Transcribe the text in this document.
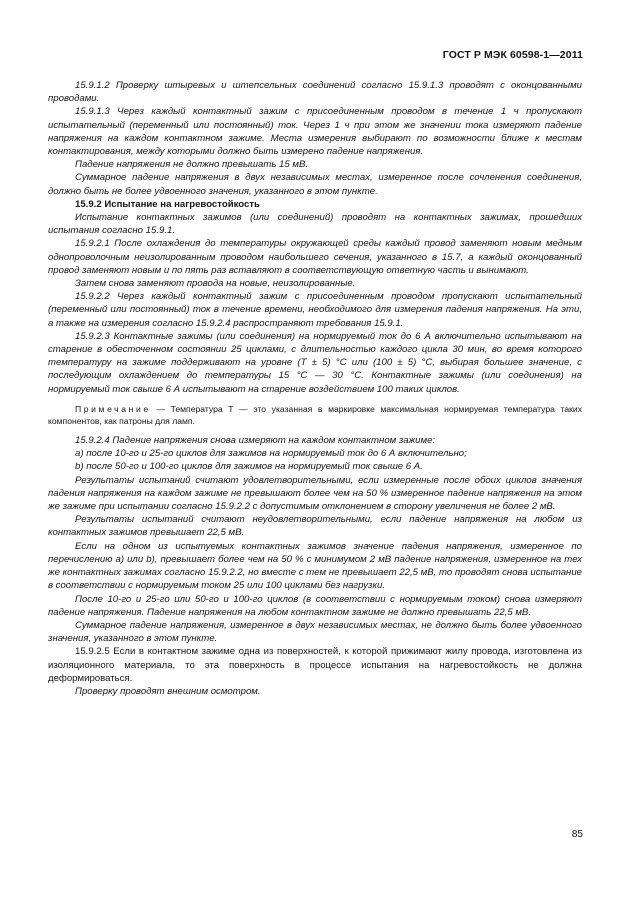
ГОСТ Р МЭК 60598-1—2011

15.9.1.2 Проверку штыревых и штепсельных соединений согласно 15.9.1.3 проводят с оконцованными проводами.

15.9.1.3 Через каждый контактный зажим с присоединенным проводом в течение 1 ч пропускают испытательный (переменный или постоянный) ток. Через 1 ч при этом же значении тока измеряют падение напряжения на каждом контактном зажиме. Места измерения выбирают по возможности ближе к местам контактирования, между которыми должно быть измерено падение напряжения.

Падение напряжения не должно превышать 15 мВ.

Суммарное падение напряжения в двух независимых местах, измеренное после сочленения соединения, должно быть не более удвоенного значения, указанного в этом пункте.

15.9.2 Испытание на нагревостойкость

Испытание контактных зажимов (или соединений) проводят на контактных зажимах, прошедших испытания согласно 15.9.1.

15.9.2.1 После охлаждения до температуры окружающей среды каждый провод заменяют новым медным однопроволочным неизолированным проводом наибольшего сечения, указанного в 15.7, а каждый оконцованный провод заменяют новым и по пять раз вставляют в соответствующую ответную часть и вынимают.

Затем снова заменяют провода на новые, неизолированные.

15.9.2.2 Через каждый контактный зажим с присоединенным проводом пропускают испытательный (переменный или постоянный) ток в течение времени, необходимого для измерения падения напряжения. На эти, а также на измерения согласно 15.9.2.4 распространяют требования 15.9.1.

15.9.2.3 Контактные зажимы (или соединения) на нормируемый ток до 6 А включительно испытывают на старение в обесточенном состоянии 25 циклами, с длительностью каждого цикла 30 мин, во время которого температуру на зажиме поддерживают на уровне (T ± 5) °С или (100 ± 5) °С, выбирая большее значение, с последующим охлаждением до температуры 15 °С — 30 °С. Контактные зажимы (или соединения) на нормируемый ток свыше 6 А испытывают на старение воздействием 100 таких циклов.

Примечание — Температура T — это указанная в маркировке максимальная нормируемая температура таких компонентов, как патроны для ламп.

15.9.2.4 Падение напряжения снова измеряют на каждом контактном зажиме:

а) после 10-го и 25-го циклов для зажимов на нормируемый ток до 6 А включительно;

b) после 50-го и 100-го циклов для зажимов на нормируемый ток свыше 6 А.

Результаты испытаний считают удовлетворительными, если измеренные после обоих циклов значения падения напряжения на каждом зажиме не превышают более чем на 50 % измеренное падение напряжения на этом же зажиме при испытании согласно 15.9.2.2 с допустимым отклонением в сторону увеличения не более 2 мВ.

Результаты испытаний считают неудовлетворительными, если падение напряжения на любом из контактных зажимов превышает 22,5 мВ.

Если на одном из испытуемых контактных зажимов значение падения напряжения, измеренное по перечислению а) или b), превышает более чем на 50 % с минимумом 2 мВ падение напряжения, измеренное на тех же контактных зажимах согласно 15.9.2.2, но вместе с тем не превышает 22,5 мВ, то проводят снова испытание в соответствии с нормируемым током 25 или 100 циклами без нагрузки.

После 10-го и 25-го или 50-го и 100-го циклов (в соответствии с нормируемым током) снова измеряют падение напряжения. Падение напряжения на любом контактном зажиме не должно превышать 22,5 мВ.

Суммарное падение напряжения, измеренное в двух независимых местах, не должно быть более удвоенного значения, указанного в этом пункте.

15.9.2.5 Если в контактном зажиме одна из поверхностей, к которой прижимают жилу провода, изготовлена из изоляционного материала, то эта поверхность в процессе испытания на нагревостойкость не должна деформироваться.

Проверку проводят внешним осмотром.

85
